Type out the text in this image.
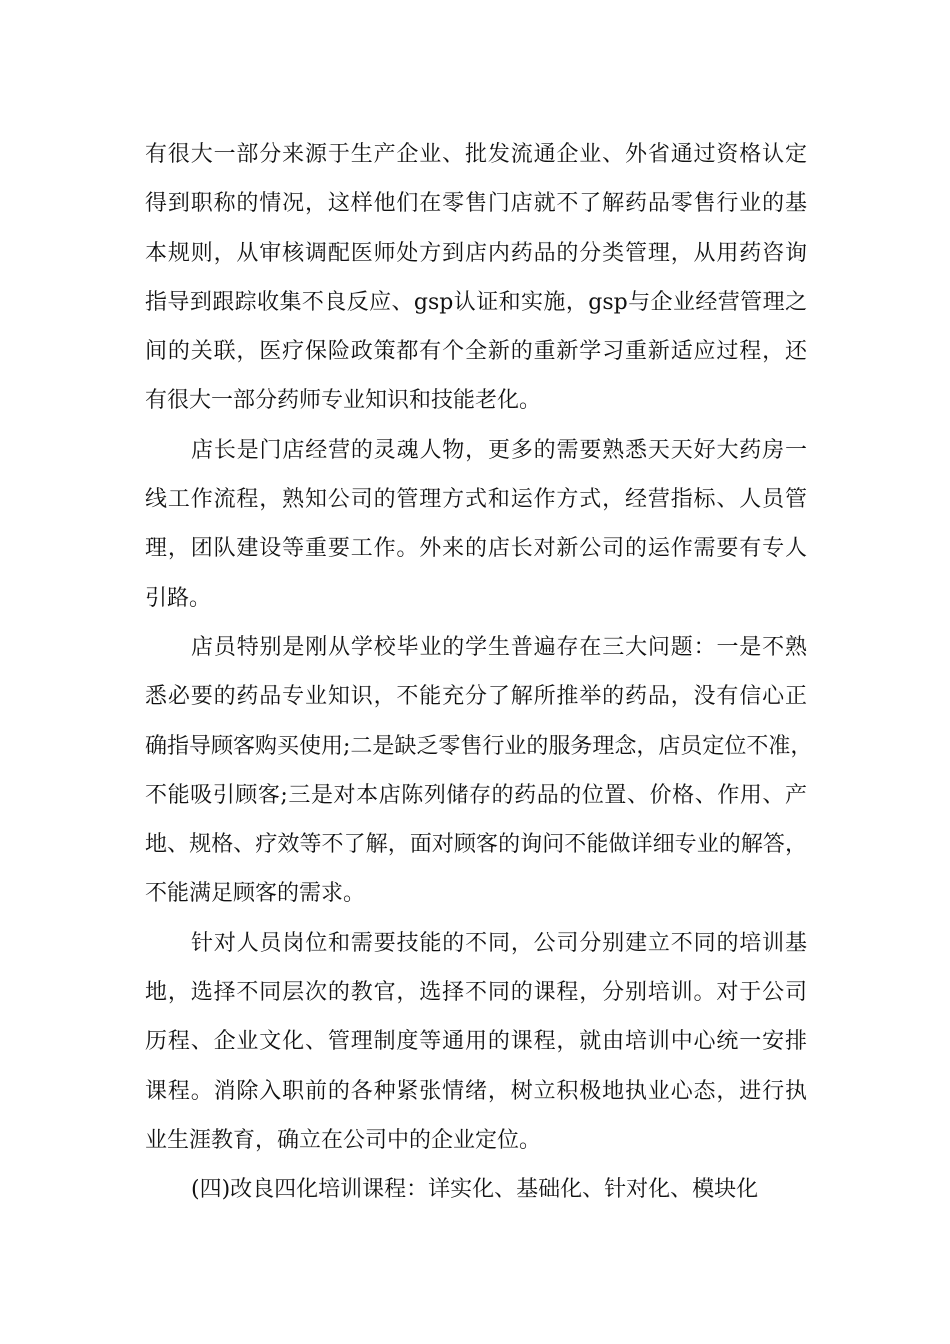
有很大一部分来源于生产企业、批发流通企业、外省通过资格认定
得到职称的情况，这样他们在零售门店就不了解药品零售行业的基
本规则，从审核调配医师处方到店内药品的分类管理，从用药咨询
指导到跟踪收集不良反应、gsp认证和实施，gsp与企业经营管理之
间的关联，医疗保险政策都有个全新的重新学习重新适应过程，还
有很大一部分药师专业知识和技能老化。
店长是门店经营的灵魂人物，更多的需要熟悉天天好大药房一
线工作流程，熟知公司的管理方式和运作方式，经营指标、人员管
理，团队建设等重要工作。外来的店长对新公司的运作需要有专人
引路。
店员特别是刚从学校毕业的学生普遍存在三大问题：一是不熟
悉必要的药品专业知识，不能充分了解所推举的药品，没有信心正
确指导顾客购买使用;二是缺乏零售行业的服务理念，店员定位不准，
不能吸引顾客;三是对本店陈列储存的药品的位置、价格、作用、产
地、规格、疗效等不了解，面对顾客的询问不能做详细专业的解答，
不能满足顾客的需求。
针对人员岗位和需要技能的不同，公司分别建立不同的培训基
地，选择不同层次的教官，选择不同的课程，分别培训。对于公司
历程、企业文化、管理制度等通用的课程，就由培训中心统一安排
课程。消除入职前的各种紧张情绪，树立积极地执业心态，进行执
业生涯教育，确立在公司中的企业定位。
(四)改良四化培训课程：详实化、基础化、针对化、模块化
